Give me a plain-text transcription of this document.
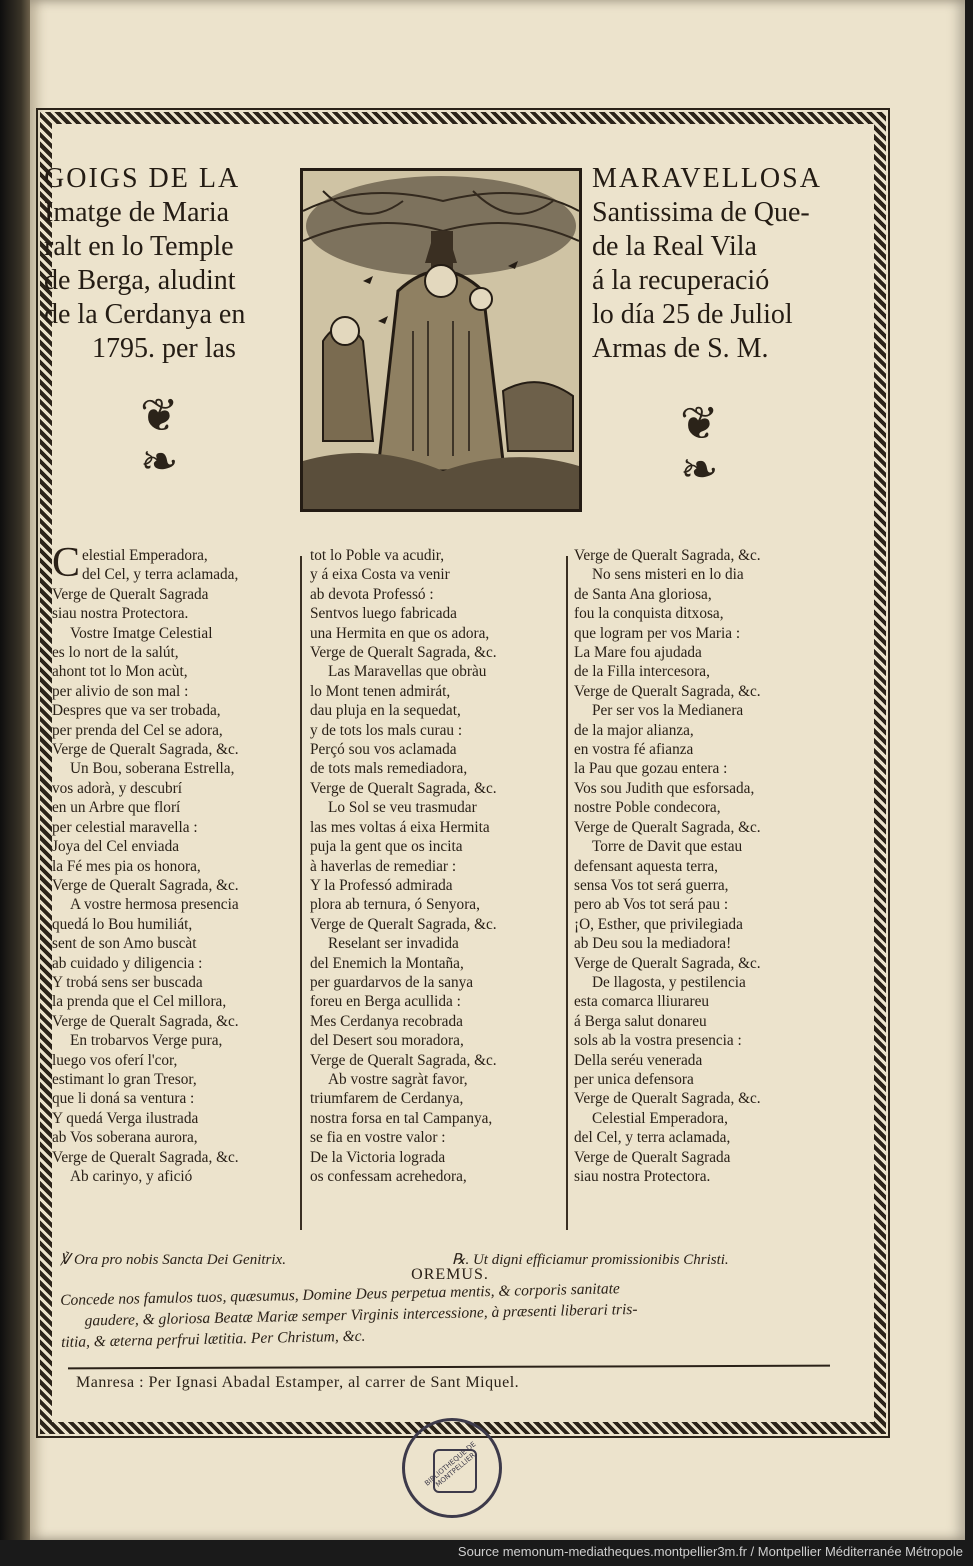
GOIGS DE LA
Imatge de Maria
ralt en lo Temple
de Berga, aludint
de la Cerdanya en
1795. per las
MARAVELLOSA
Santissima de Que-
de la Real Vila
á la recuperació
lo día 25 de Juliol
Armas de S. M.
❦
❧
❦
❧
C elestial Emperadora,
del Cel, y terra aclamada,
Verge de Queralt Sagrada
siau nostra Protectora.
Vostre Imatge Celestial
es lo nort de la salút,
ahont tot lo Mon acùt,
per alivio de son mal :
Despres que va ser trobada,
per prenda del Cel se adora,
Verge de Queralt Sagrada, &c.
Un Bou, soberana Estrella,
vos adorà, y descubrí
en un Arbre que florí
per celestial maravella :
Joya del Cel enviada
la Fé mes pia os honora,
Verge de Queralt Sagrada, &c.
A vostre hermosa presencia
quedá lo Bou humiliát,
sent de son Amo buscàt
ab cuidado y diligencia :
Y trobá sens ser buscada
la prenda que el Cel millora,
Verge de Queralt Sagrada, &c.
En trobarvos Verge pura,
luego vos oferí l'cor,
estimant lo gran Tresor,
que li doná sa ventura :
Y quedá Verga ilustrada
ab Vos soberana aurora,
Verge de Queralt Sagrada, &c.
Ab carinyo, y afició
tot lo Poble va acudir,
y á eixa Costa va venir
ab devota Professó :
Sentvos luego fabricada
una Hermita en que os adora,
Verge de Queralt Sagrada, &c.
Las Maravellas que obràu
lo Mont tenen admirát,
dau pluja en la sequedat,
y de tots los mals curau :
Perçó sou vos aclamada
de tots mals remediadora,
Verge de Queralt Sagrada, &c.
Lo Sol se veu trasmudar
las mes voltas á eixa Hermita
puja la gent que os incita
à haverlas de remediar :
Y la Professó admirada
plora ab ternura, ó Senyora,
Verge de Queralt Sagrada, &c.
Reselant ser invadida
del Enemich la Montaña,
per guardarvos de la sanya
foreu en Berga acullida :
Mes Cerdanya recobrada
del Desert sou moradora,
Verge de Queralt Sagrada, &c.
Ab vostre sagràt favor,
triumfarem de Cerdanya,
nostra forsa en tal Campanya,
se fia en vostre valor :
De la Victoria lograda
os confessam acrehedora,
Verge de Queralt Sagrada, &c.
No sens misteri en lo dia
de Santa Ana gloriosa,
fou la conquista ditxosa,
que logram per vos Maria :
La Mare fou ajudada
de la Filla intercesora,
Verge de Queralt Sagrada, &c.
Per ser vos la Medianera
de la major alianza,
en vostra fé afianza
la Pau que gozau entera :
Vos sou Judith que esforsada,
nostre Poble condecora,
Verge de Queralt Sagrada, &c.
Torre de Davit que estau
defensant aquesta terra,
sensa Vos tot será guerra,
pero ab Vos tot será pau :
¡O, Esther, que privilegiada
ab Deu sou la mediadora!
Verge de Queralt Sagrada, &c.
De llagosta, y pestilencia
esta comarca lliurareu
á Berga salut donareu
sols ab la vostra presencia :
Della seréu venerada
per unica defensora
Verge de Queralt Sagrada, &c.
Celestial Emperadora,
del Cel, y terra aclamada,
Verge de Queralt Sagrada
siau nostra Protectora.
℣ Ora pro nobis Sancta Dei Genitrix.	℞. Ut digni efficiamur promissionibis Christi.
OREMUS.
Concede nos famulos tuos, quæsumus, Domine Deus perpetua mentis, & corporis sanitate
gaudere, & gloriosa Beatæ Mariæ semper Virginis intercessione, à præsenti liberari tris-
titia, & æterna perfrui lætitia. Per Christum, &c.
Manresa : Per Ignasi Abadal Estamper, al carrer de Sant Miquel.
BIBLIOTHEQUE DE MONTPELLIER
Source memonum-mediatheques.montpellier3m.fr / Montpellier Méditerranée Métropole
